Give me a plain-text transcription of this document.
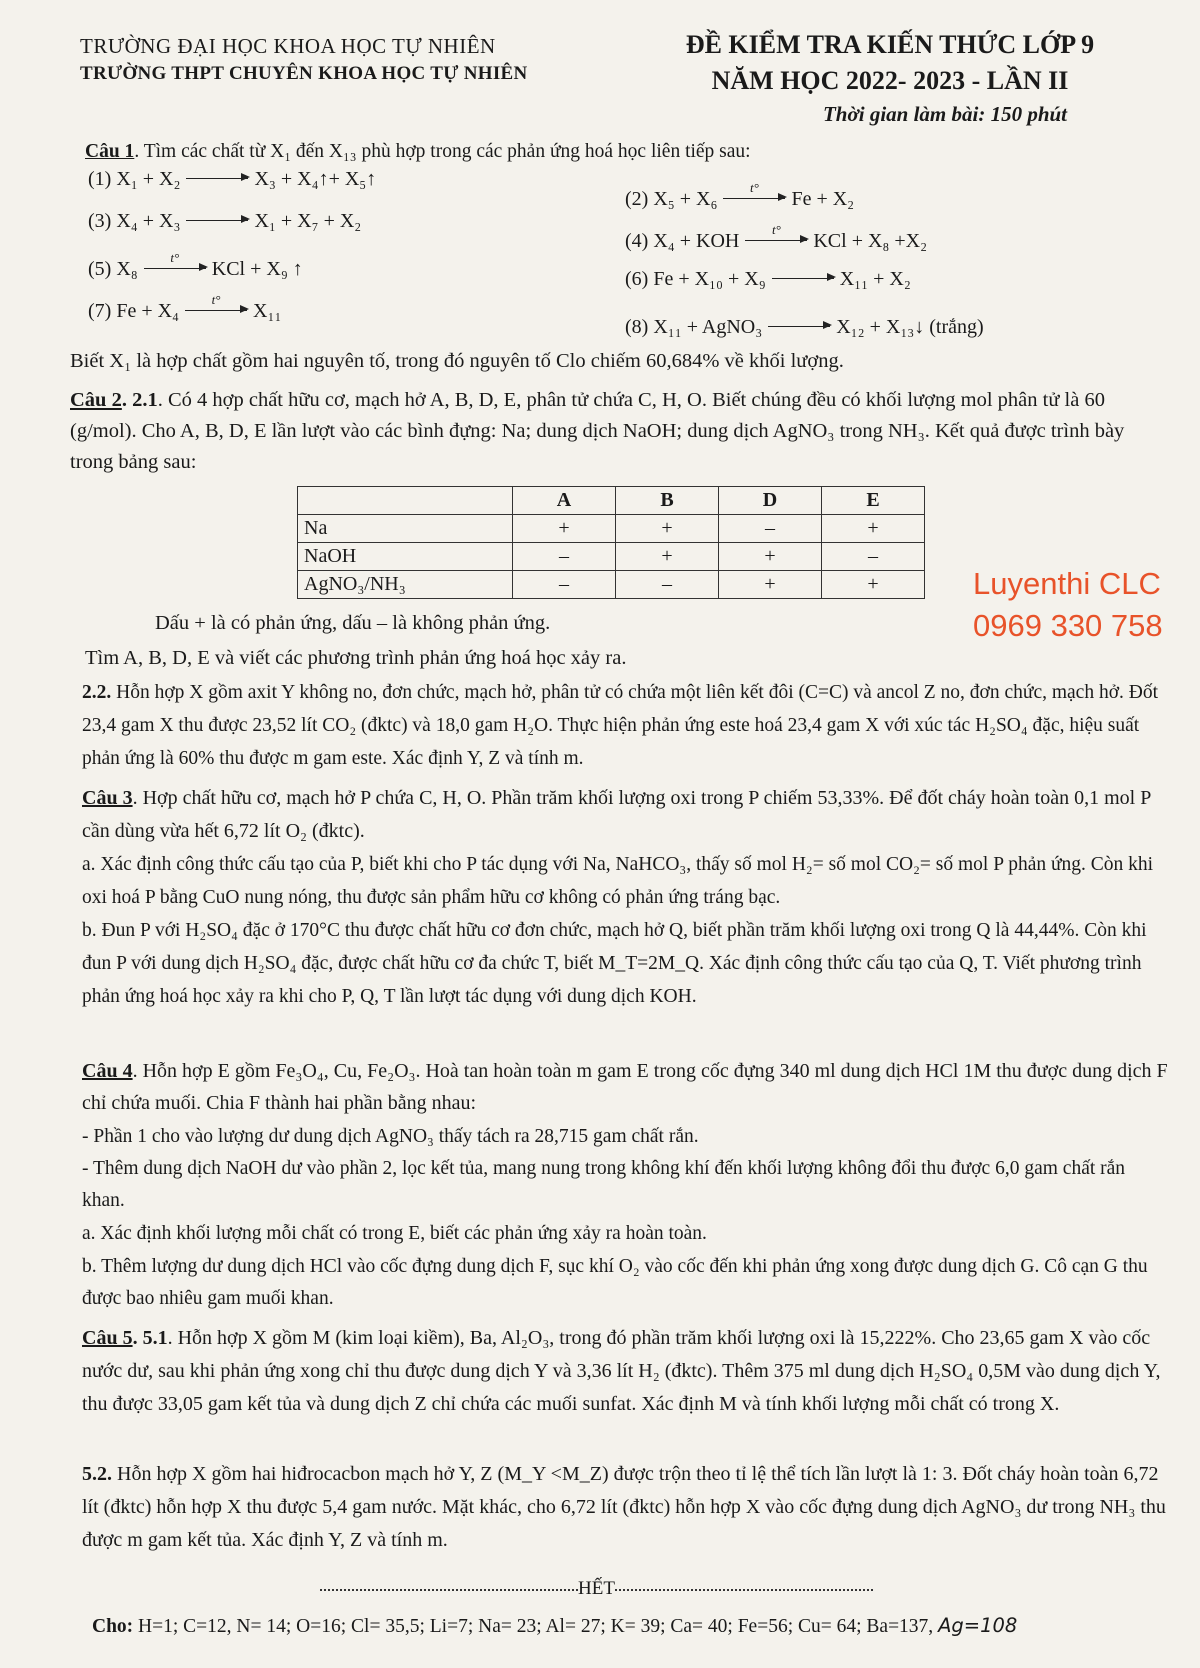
TRƯỜNG ĐẠI HỌC KHOA HỌC TỰ NHIÊN
TRƯỜNG THPT CHUYÊN KHOA HỌC TỰ NHIÊN
ĐỀ KIỂM TRA KIẾN THỨC LỚP 9
NĂM HỌC 2022- 2023 - LẦN II
Thời gian làm bài: 150 phút
Câu 1. Tìm các chất từ X₁ đến X₁₃ phù hợp trong các phản ứng hoá học liên tiếp sau:
(1) X₁ + X₂	X₃ + X₄↑+ X₅↑
(2) X₅ + X₆
t°
Fe + X₂
(3) X₄ + X₃	X₁ + X₇ + X₂
(4) X₄ + KOH
t°
KCl + X₈ +X₂
(5) X₈
t°
KCl + X₉ ↑	(6) Fe + X₁₀ + X₉	X₁₁ + X₂
(7) Fe + X₄
t°
X₁₁
(8) X₁₁ + AgNO₃	X₁₂ + X₁₃↓ (trắng)
Biết X₁ là hợp chất gồm hai nguyên tố, trong đó nguyên tố Clo chiếm 60,684% về khối lượng.
Câu 2. 2.1. Có 4 hợp chất hữu cơ, mạch hở A, B, D, E, phân tử chứa C, H, O. Biết chúng đều có khối lượng mol phân tử là 60 (g/mol). Cho A, B, D, E lần lượt vào các bình đựng: Na; dung dịch NaOH; dung dịch AgNO₃ trong NH₃. Kết quả được trình bày trong bảng sau:
	A	B	D	E
Na	+	+	–	+
NaOH	–	+	+	–
AgNO₃/NH₃	–	–	+	+	Luyenthi CLC
0969 330 758
Dấu + là có phản ứng, dấu – là không phản ứng.
Tìm A, B, D, E và viết các phương trình phản ứng hoá học xảy ra.
2.2. Hỗn hợp X gồm axit Y không no, đơn chức, mạch hở, phân tử có chứa một liên kết đôi (C=C) và ancol Z no, đơn chức, mạch hở. Đốt 23,4 gam X thu được 23,52 lít CO₂ (đktc) và 18,0 gam H₂O. Thực hiện phản ứng este hoá 23,4 gam X với xúc tác H₂SO₄ đặc, hiệu suất phản ứng là 60% thu được m gam este. Xác định Y, Z và tính m.
Câu 3. Hợp chất hữu cơ, mạch hở P chứa C, H, O. Phần trăm khối lượng oxi trong P chiếm 53,33%. Để đốt cháy hoàn toàn 0,1 mol P cần dùng vừa hết 6,72 lít O₂ (đktc).
a. Xác định công thức cấu tạo của P, biết khi cho P tác dụng với Na, NaHCO₃, thấy số mol H₂= số mol CO₂= số mol P phản ứng. Còn khi oxi hoá P bằng CuO nung nóng, thu được sản phẩm hữu cơ không có phản ứng tráng bạc.
b. Đun P với H₂SO₄ đặc ở 170°C thu được chất hữu cơ đơn chức, mạch hở Q, biết phần trăm khối lượng oxi trong Q là 44,44%. Còn khi đun P với dung dịch H₂SO₄ đặc, được chất hữu cơ đa chức T, biết M_T=2M_Q. Xác định công thức cấu tạo của Q, T. Viết phương trình phản ứng hoá học xảy ra khi cho P, Q, T lần lượt tác dụng với dung dịch KOH.
Câu 4. Hỗn hợp E gồm Fe₃O₄, Cu, Fe₂O₃. Hoà tan hoàn toàn m gam E trong cốc đựng 340 ml dung dịch HCl 1M thu được dung dịch F chỉ chứa muối. Chia F thành hai phần bằng nhau:
- Phần 1 cho vào lượng dư dung dịch AgNO₃ thấy tách ra 28,715 gam chất rắn.
- Thêm dung dịch NaOH dư vào phần 2, lọc kết tủa, mang nung trong không khí đến khối lượng không đổi thu được 6,0 gam chất rắn khan.
a. Xác định khối lượng mỗi chất có trong E, biết các phản ứng xảy ra hoàn toàn.
b. Thêm lượng dư dung dịch HCl vào cốc đựng dung dịch F, sục khí O₂ vào cốc đến khi phản ứng xong được dung dịch G. Cô cạn G thu được bao nhiêu gam muối khan.
Câu 5. 5.1. Hỗn hợp X gồm M (kim loại kiềm), Ba, Al₂O₃, trong đó phần trăm khối lượng oxi là 15,222%. Cho 23,65 gam X vào cốc nước dư, sau khi phản ứng xong chỉ thu được dung dịch Y và 3,36 lít H₂ (đktc). Thêm 375 ml dung dịch H₂SO₄ 0,5M vào dung dịch Y, thu được 33,05 gam kết tủa và dung dịch Z chỉ chứa các muối sunfat. Xác định M và tính khối lượng mỗi chất có trong X.
5.2. Hỗn hợp X gồm hai hiđrocacbon mạch hở Y, Z (M_Y <M_Z) được trộn theo tỉ lệ thể tích lần lượt là 1: 3. Đốt cháy hoàn toàn 6,72 lít (đktc) hỗn hợp X thu được 5,4 gam nước. Mặt khác, cho 6,72 lít (đktc) hỗn hợp X vào cốc đựng dung dịch AgNO₃ dư trong NH₃ thu được m gam kết tủa. Xác định Y, Z và tính m.
HẾT
Cho: H=1; C=12, N= 14; O=16; Cl= 35,5; Li=7; Na= 23; Al= 27; K= 39; Ca= 40; Fe=56; Cu= 64; Ba=137, Ag=108
